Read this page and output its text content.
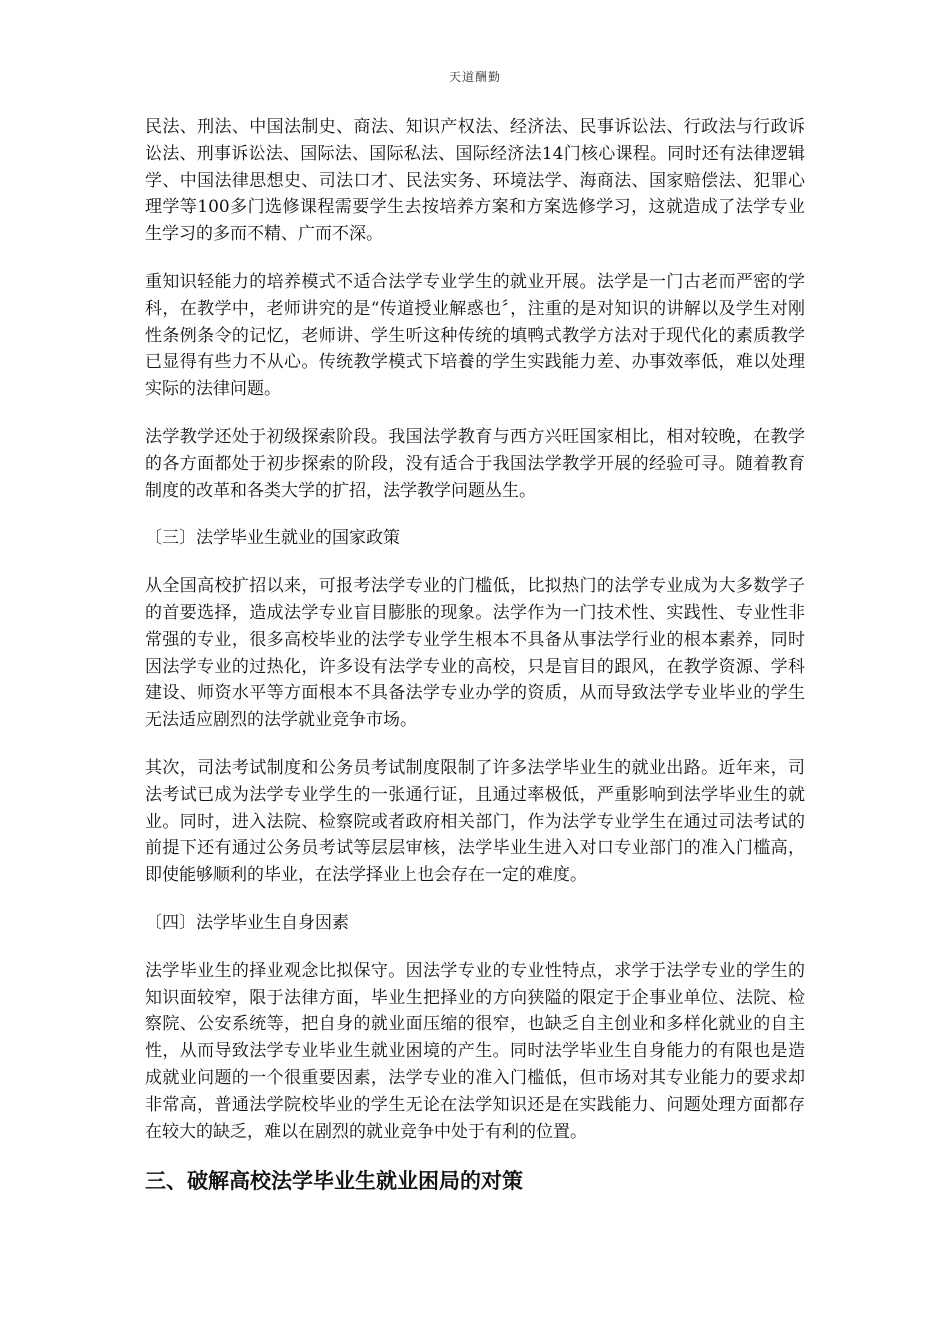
天道酬勤

民法、刑法、中国法制史、商法、知识产权法、经济法、民事诉讼法、行政法与行政诉讼法、刑事诉讼法、国际法、国际私法、国际经济法14门核心课程。同时还有法律逻辑学、中国法律思想史、司法口才、民法实务、环境法学、海商法、国家赔偿法、犯罪心理学等100多门选修课程需要学生去按培养方案和方案选修学习，这就造成了法学专业生学习的多而不精、广而不深。

重知识轻能力的培养模式不适合法学专业学生的就业开展。法学是一门古老而严密的学科，在教学中，老师讲究的是“传道授业解惑也〞，注重的是对知识的讲解以及学生对刚性条例条令的记忆，老师讲、学生听这种传统的填鸭式教学方法对于现代化的素质教学已显得有些力不从心。传统教学模式下培養的学生实践能力差、办事效率低，难以处理实际的法律问题。

法学教学还处于初级探索阶段。我国法学教育与西方兴旺国家相比，相对较晚，在教学的各方面都处于初步探索的阶段，没有适合于我国法学教学开展的经验可寻。随着教育制度的改革和各类大学的扩招，法学教学问题丛生。

〔三〕法学毕业生就业的国家政策

从全国高校扩招以来，可报考法学专业的门槛低，比拟热门的法学专业成为大多数学子的首要选择，造成法学专业盲目膨胀的现象。法学作为一门技术性、实践性、专业性非常强的专业，很多高校毕业的法学专业学生根本不具备从事法学行业的根本素养，同时因法学专业的过热化，许多设有法学专业的高校，只是盲目的跟风，在教学资源、学科建设、师资水平等方面根本不具备法学专业办学的资质，从而导致法学专业毕业的学生无法适应剧烈的法学就业竞争市场。

其次，司法考试制度和公务员考试制度限制了许多法学毕业生的就业出路。近年来，司法考试已成为法学专业学生的一张通行证，且通过率极低，严重影响到法学毕业生的就业。同时，进入法院、检察院或者政府相关部门，作为法学专业学生在通过司法考试的前提下还有通过公务员考试等层层审核，法学毕业生进入对口专业部门的准入门槛高，即使能够顺利的毕业，在法学择业上也会存在一定的难度。

〔四〕法学毕业生自身因素

法学毕业生的择业观念比拟保守。因法学专业的专业性特点，求学于法学专业的学生的知识面较窄，限于法律方面，毕业生把择业的方向狭隘的限定于企事业单位、法院、检察院、公安系统等，把自身的就业面压缩的很窄，也缺乏自主创业和多样化就业的自主性，从而导致法学专业毕业生就业困境的产生。同时法学毕业生自身能力的有限也是造成就业问题的一个很重要因素，法学专业的准入门槛低，但市场对其专业能力的要求却非常高，普通法学院校毕业的学生无论在法学知识还是在实践能力、问题处理方面都存在较大的缺乏，难以在剧烈的就业竞争中处于有利的位置。

三、破解高校法学毕业生就业困局的对策
